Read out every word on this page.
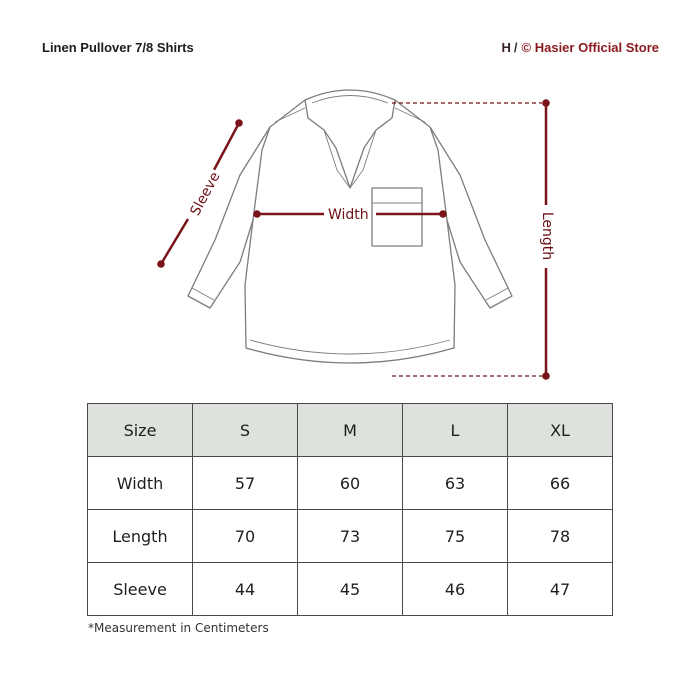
Linen Pullover 7/8 Shirts	H / © Hasier Official Store
Width
Sleeve
Length
Size	S	M	L	XL
Width	57	60	63	66
Length	70	73	75	78
Sleeve	44	45	46	47
*Measurement in Centimeters
